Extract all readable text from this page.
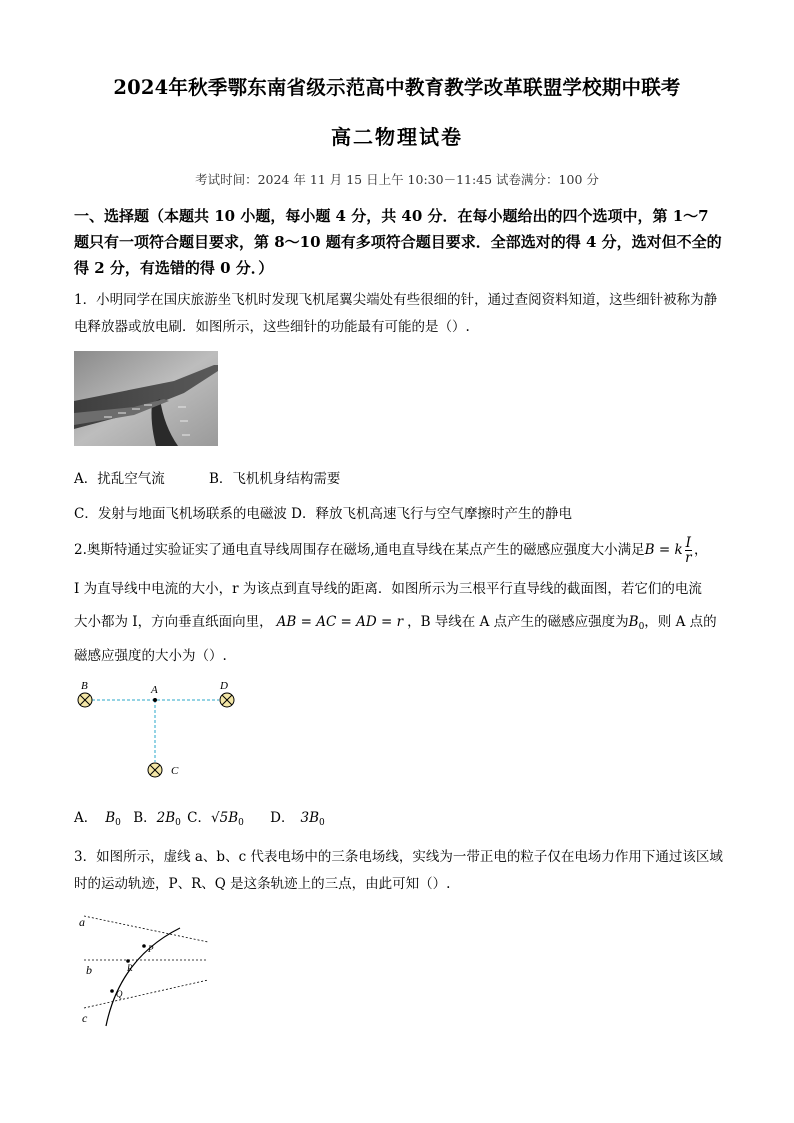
2024年秋季鄂东南省级示范高中教育教学改革联盟学校期中联考
高二物理试卷
考试时间：2024 年 11 月 15 日上午 10:30－11:45 试卷满分：100 分
一、选择题（本题共 10 小题，每小题 4 分，共 40 分．在每小题给出的四个选项中，第 1～7 题只有一项符合题目要求，第 8～10 题有多项符合题目要求．全部选对的得 4 分，选对但不全的得 2 分，有选错的得 0 分．）
1．小明同学在国庆旅游坐飞机时发现飞机尾翼尖端处有些很细的针，通过查阅资料知道，这些细针被称为静电释放器或放电刷．如图所示，这些细针的功能最有可能的是（）.
A．扰乱空气流	B．飞机机身结构需要
C．发射与地面飞机场联系的电磁波 D．释放飞机高速飞行与空气摩擦时产生的静电
2.奥斯特通过实验证实了通电直导线周围存在磁场,通电直导线在某点产生的磁感应强度大小满足B = k $\frac{I}{r}$ ，
I 为直导线中电流的大小，r 为该点到直导线的距离．如图所示为三根平行直导线的截面图，若它们的电流
大小都为 I，方向垂直纸面向里， AB = AC = AD = r ，B 导线在 A 点产生的磁感应强度为$B_0$，则 A 点的
磁感应强度的大小为（）.
B	A	D
C
A． $B_0$ B．$2B_0$ C．$√5B_0$ D． $3B_0$
3．如图所示，虚线 a、b、c 代表电场中的三条电场线，实线为一带正电的粒子仅在电场力作用下通过该区域时的运动轨迹，P、R、Q 是这条轨迹上的三点，由此可知（）.
a
b
c
P
R
Q
